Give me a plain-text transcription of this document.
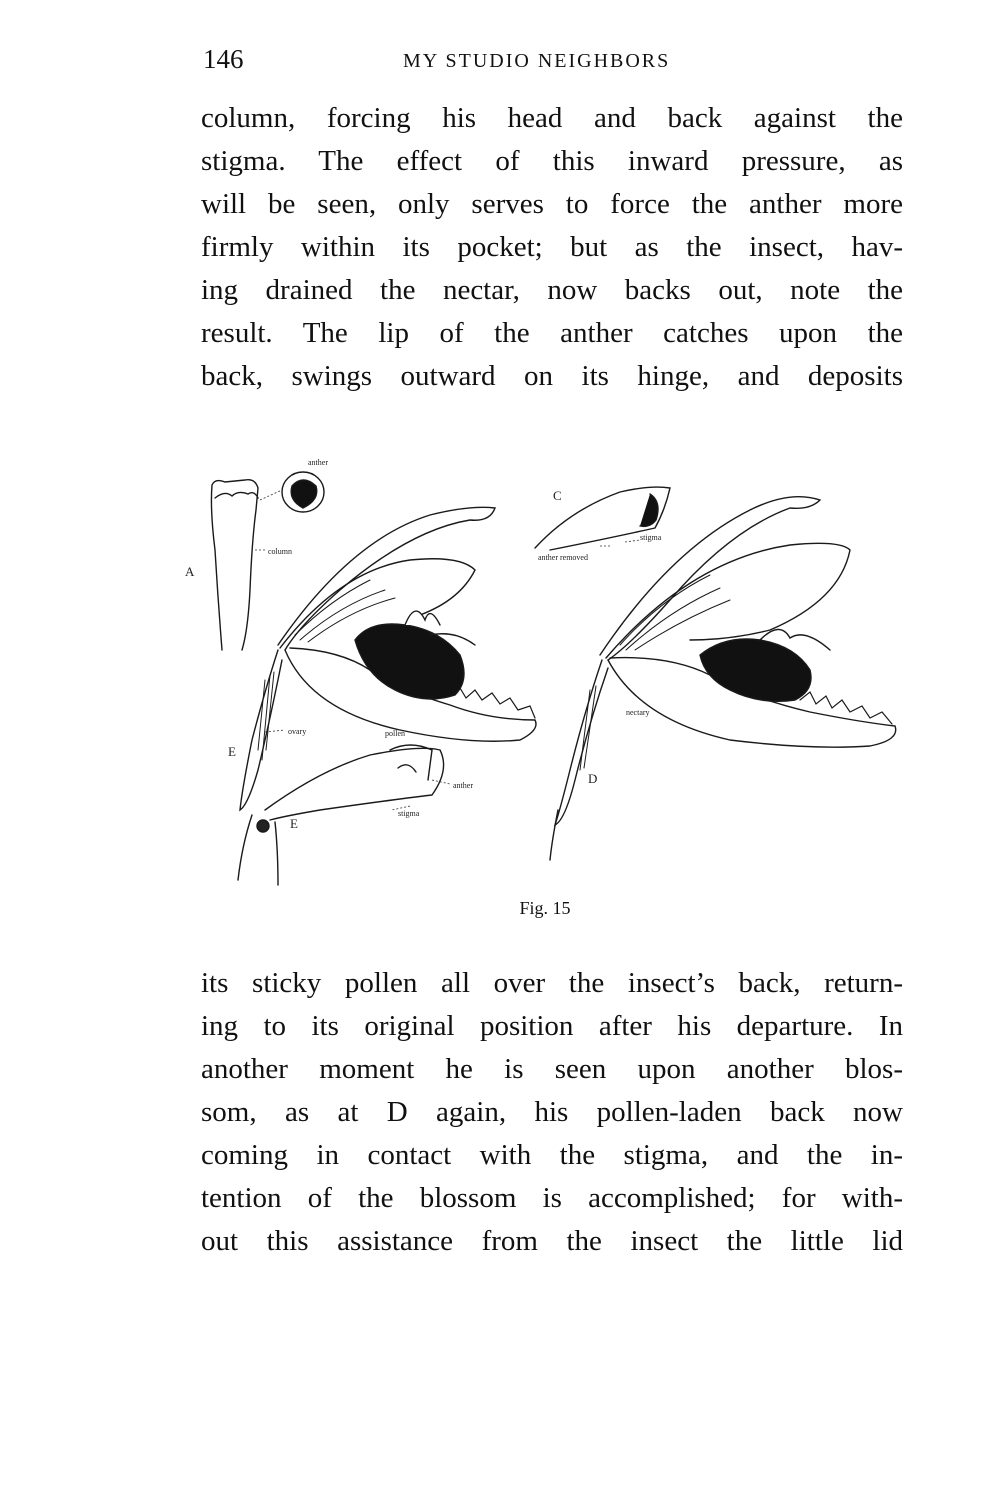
146	MY STUDIO NEIGHBORS
column, forcing his head and back against the
stigma. The effect of this inward pressure, as
will be seen, only serves to force the anther more
firmly within its pocket; but as the insect, hav-
ing drained the nectar, now backs out, note the
result. The lip of the anther catches upon the
back, swings outward on its hinge, and deposits
A
C
D
E
E
anther
column
stigma
anther removed
ovary	pollen
nectary
anther
stigma
Fig. 15
its sticky pollen all over the insect’s back, return-
ing to its original position after his departure. In
another moment he is seen upon another blos-
som, as at D again, his pollen-laden back now
coming in contact with the stigma, and the in-
tention of the blossom is accomplished; for with-
out this assistance from the insect the little lid
